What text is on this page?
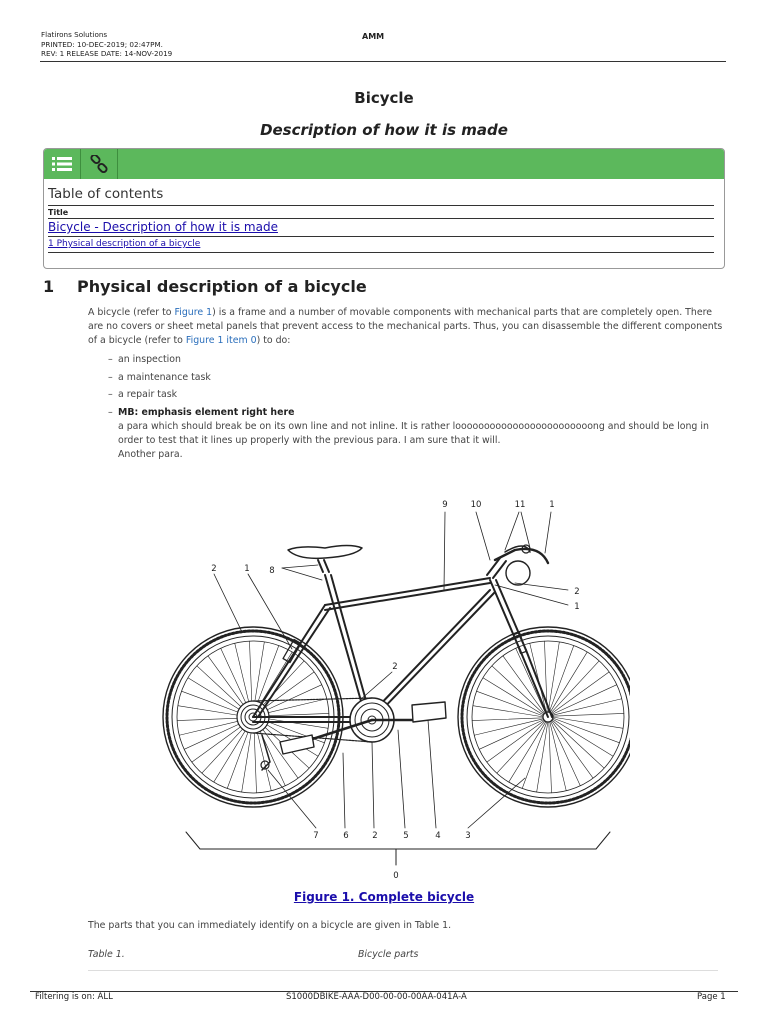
Flatirons Solutions
PRINTED: 10-DEC-2019; 02:47PM.
REV: 1 RELEASE DATE: 14-NOV-2019
AMM
Bicycle
Description of how it is made
Table of contents
Title
Bicycle - Description of how it is made
1 Physical description of a bicycle
1 Physical description of a bicycle
A bicycle (refer to Figure 1) is a frame and a number of movable components with mechanical parts that are completely open. There are no covers or sheet metal panels that prevent access to the mechanical parts. Thus, you can disassemble the different components of a bicycle (refer to Figure 1 item 0) to do:
– an inspection
– a maintenance task
– a repair task
– MB: emphasis element right here
a para which should break be on its own line and not inline. It is rather loooooooooooooooooooooooong and should be long in order to test that it lines up properly with the previous para. I am sure that it will.
Another para.
9	10	11	1
2	1 8
2
1
2
7	6	2	5	4	3
0
Figure 1. Complete bicycle
The parts that you can immediately identify on a bicycle are given in Table 1.
Table 1.	Bicycle parts
Filtering is on: ALL	S1000DBIKE-AAA-D00-00-00-00AA-041A-A	Page 1
